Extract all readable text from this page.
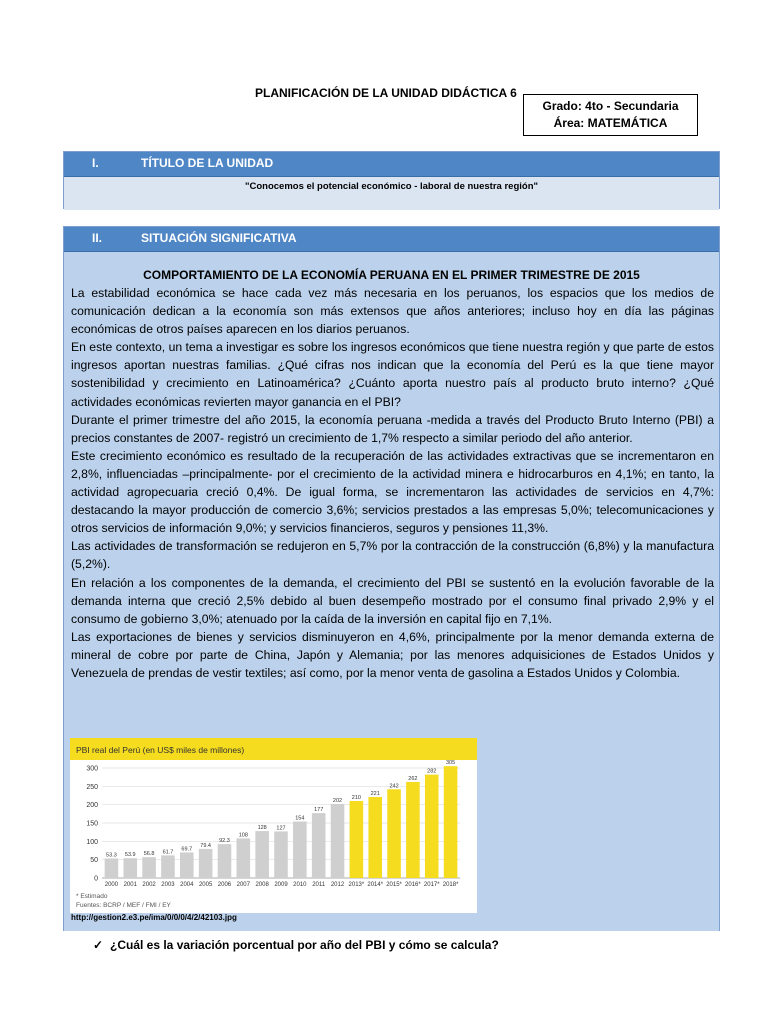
PLANIFICACIÓN DE LA UNIDAD DIDÁCTICA 6
Grado: 4to - Secundaria
Área: MATEMÁTICA
I.	TÍTULO DE LA UNIDAD
"Conocemos el potencial económico - laboral de nuestra región"
II.	SITUACIÓN SIGNIFICATIVA
COMPORTAMIENTO DE LA ECONOMÍA PERUANA EN EL PRIMER TRIMESTRE DE 2015

La estabilidad económica se hace cada vez más necesaria en los peruanos, los espacios que los medios de comunicación dedican a la economía son más extensos que años anteriores; incluso hoy en día las páginas económicas de otros países aparecen en los diarios peruanos.

En este contexto, un tema a investigar es sobre los ingresos económicos que tiene nuestra región y que parte de estos ingresos aportan nuestras familias. ¿Qué cifras nos indican que la economía del Perú es la que tiene mayor sostenibilidad y crecimiento en Latinoamérica? ¿Cuánto aporta nuestro país al producto bruto interno? ¿Qué actividades económicas revierten mayor ganancia en el PBI?

Durante el primer trimestre del año 2015, la economía peruana -medida a través del Producto Bruto Interno (PBI) a precios constantes de 2007- registró un crecimiento de 1,7% respecto a similar periodo del año anterior.

Este crecimiento económico es resultado de la recuperación de las actividades extractivas que se incrementaron en 2,8%, influenciadas –principalmente- por el crecimiento de la actividad minera e hidrocarburos en 4,1%; en tanto, la actividad agropecuaria creció 0,4%. De igual forma, se incrementaron las actividades de servicios en 4,7%: destacando la mayor producción de comercio 3,6%; servicios prestados a las empresas 5,0%; telecomunicaciones y otros servicios de información 9,0%; y servicios financieros, seguros y pensiones 11,3%.

Las actividades de transformación se redujeron en 5,7% por la contracción de la construcción (6,8%) y la manufactura (5,2%).

En relación a los componentes de la demanda, el crecimiento del PBI se sustentó en la evolución favorable de la demanda interna que creció 2,5% debido al buen desempeño mostrado por el consumo final privado 2,9% y el consumo de gobierno 3,0%; atenuado por la caída de la inversión en capital fijo en 7,1%.

Las exportaciones de bienes y servicios disminuyeron en 4,6%, principalmente por la menor demanda externa de mineral de cobre por parte de China, Japón y Alemania; por las menores adquisiciones de Estados Unidos y Venezuela de prendas de vestir textiles; así como, por la menor venta de gasolina a Estados Unidos y Colombia.

PBI real del Perú (en US$ miles de millones)
0
50
100
150
200
250
300
53.3
2000
53.9
2001
56.8
2002
61.7
2003
69.7
2004
79.4
2005
92.3
2006
108
2007
128
2008
127
2009
154
2010
177
2011
202
2012
210
2013*
221
2014*
242
2015*
262
2016*
282
2017*
305
2018*
* Estimado
Fuentes: BCRP / MEF / FMI / EY
http://gestion2.e3.pe/ima/0/0/0/4/2/42103.jpg
✓ ¿Cuál es la variación porcentual por año del PBI y cómo se calcula?
